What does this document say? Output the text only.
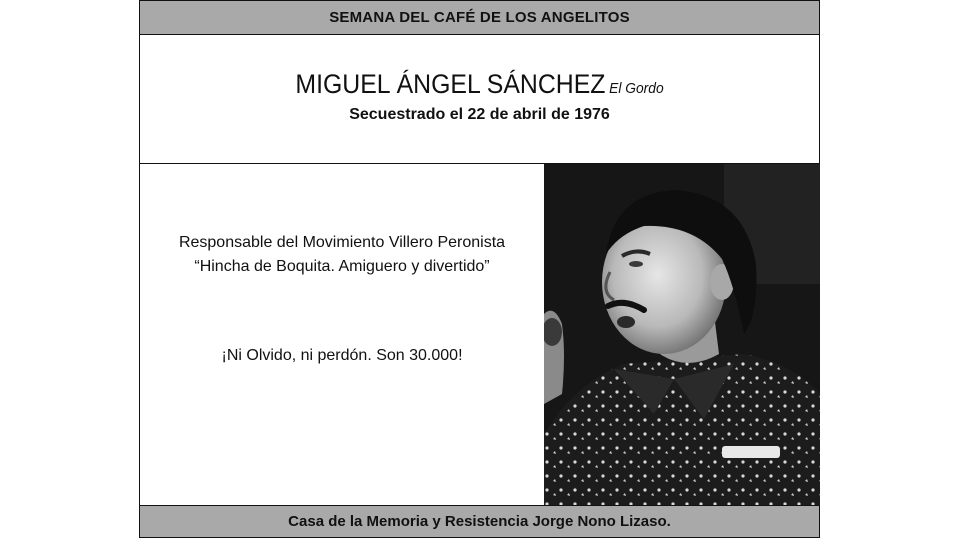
SEMANA DEL CAFÉ DE LOS ANGELITOS
MIGUEL ÁNGEL SÁNCHEZ El Gordo
Secuestrado el 22 de abril de 1976
Responsable del Movimiento Villero Peronista
“Hincha de Boquita. Amiguero y divertido”
¡Ni Olvido, ni perdón. Son 30.000!
Casa de la Memoria y Resistencia Jorge Nono Lizaso.
